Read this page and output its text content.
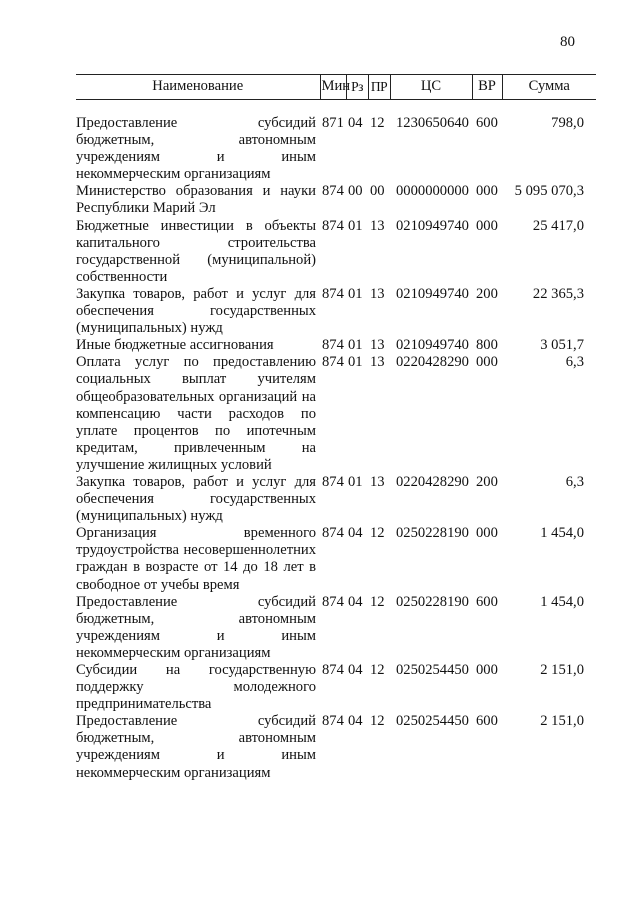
80
Наименование	Мин	Рз	ПР	ЦС	ВР	Сумма

Предоставление субсидий бюджетным, автономным учреждениям и иным некоммерческим организациям	871	04	12	1230650640	600	798,0
Министерство образования и науки Республики Марий Эл	874	00	00	0000000000	000	5 095 070,3
Бюджетные инвестиции в объекты капитального строительства государственной (муниципальной) собственности	874	01	13	0210949740	000	25 417,0
Закупка товаров, работ и услуг для обеспечения государственных (муниципальных) нужд	874	01	13	0210949740	200	22 365,3
Иные бюджетные ассигнования	874	01	13	0210949740	800	3 051,7
Оплата услуг по предоставлению социальных выплат учителям общеобразовательных организаций на компенсацию части расходов по уплате процентов по ипотечным кредитам, привлеченным на улучшение жилищных условий	874	01	13	0220428290	000	6,3
Закупка товаров, работ и услуг для обеспечения государственных (муниципальных) нужд	874	01	13	0220428290	200	6,3
Организация временного трудоустройства несовершеннолетних граждан в возрасте от 14 до 18 лет в свободное от учебы время	874	04	12	0250228190	000	1 454,0
Предоставление субсидий бюджетным, автономным учреждениям и иным некоммерческим организациям	874	04	12	0250228190	600	1 454,0
Субсидии на государственную поддержку молодежного предпринимательства	874	04	12	0250254450	000	2 151,0
Предоставление субсидий бюджетным, автономным учреждениям и иным некоммерческим организациям	874	04	12	0250254450	600	2 151,0
